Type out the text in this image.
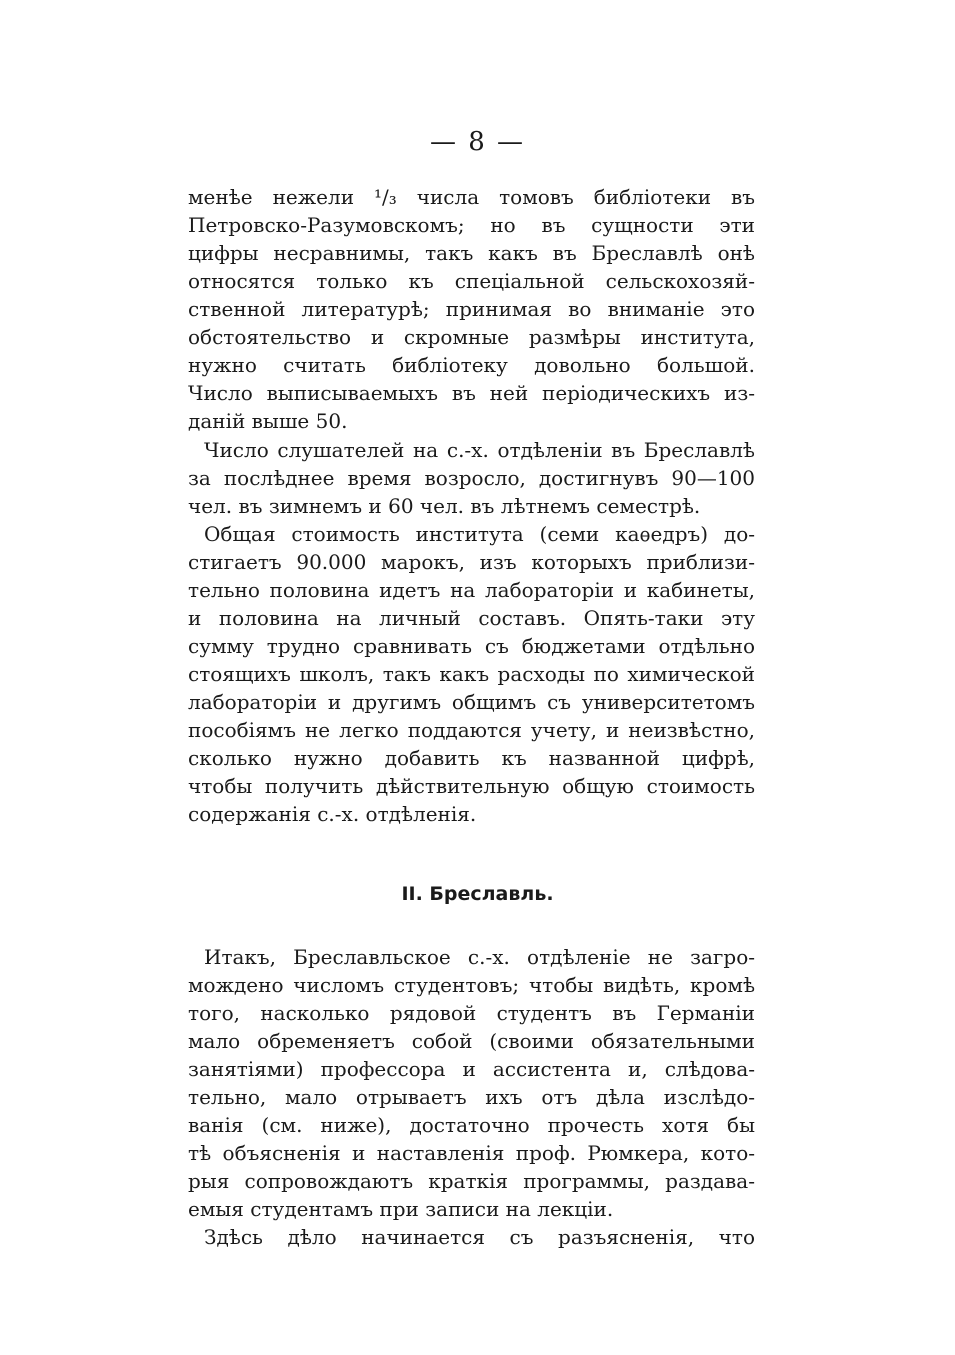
— 8 —
менѣе нежели ¹/₃ числа томовъ библіотеки въ
Петровско-Разумовскомъ; но въ сущности эти
цифры несравнимы, такъ какъ въ Бреславлѣ онѣ
относятся только къ спеціальной сельскохозяй-
ственной литературѣ; принимая во вниманіе это
обстоятельство и скромные размѣры института,
нужно считать библіотеку довольно большой.
Число выписываемыхъ въ ней періодическихъ из-
даній выше 50.
Число слушателей на с.-х. отдѣленіи въ Бреславлѣ
за послѣднее время возросло, достигнувъ 90—100
чел. въ зимнемъ и 60 чел. въ лѣтнемъ семестрѣ.
Общая стоимость института (семи каѳедръ) до-
стигаетъ 90.000 марокъ, изъ которыхъ приблизи-
тельно половина идетъ на лабораторіи и кабинеты,
и половина на личный составъ. Опять-таки эту
сумму трудно сравнивать съ бюджетами отдѣльно
стоящихъ школъ, такъ какъ расходы по химической
лабораторіи и другимъ общимъ съ университетомъ
пособіямъ не легко поддаются учету, и неизвѣстно,
сколько нужно добавить къ названной цифрѣ,
чтобы получить дѣйствительную общую стоимость
содержанія с.-х. отдѣленія.
II. Бреславль.
Итакъ, Бреславльское с.-х. отдѣленіе не загро-
мождено числомъ студентовъ; чтобы видѣть, кромѣ
того, насколько рядовой студентъ въ Германіи
мало обременяетъ собой (своими обязательными
занятіями) профессора и ассистента и, слѣдова-
тельно, мало отрываетъ ихъ отъ дѣла изслѣдо-
ванія (см. ниже), достаточно прочесть хотя бы
тѣ объясненія и наставленія проф. Рюмкера, кото-
рыя сопровождаютъ краткія программы, раздава-
емыя студентамъ при записи на лекціи.
Здѣсь дѣло начинается съ разъясненія, что
